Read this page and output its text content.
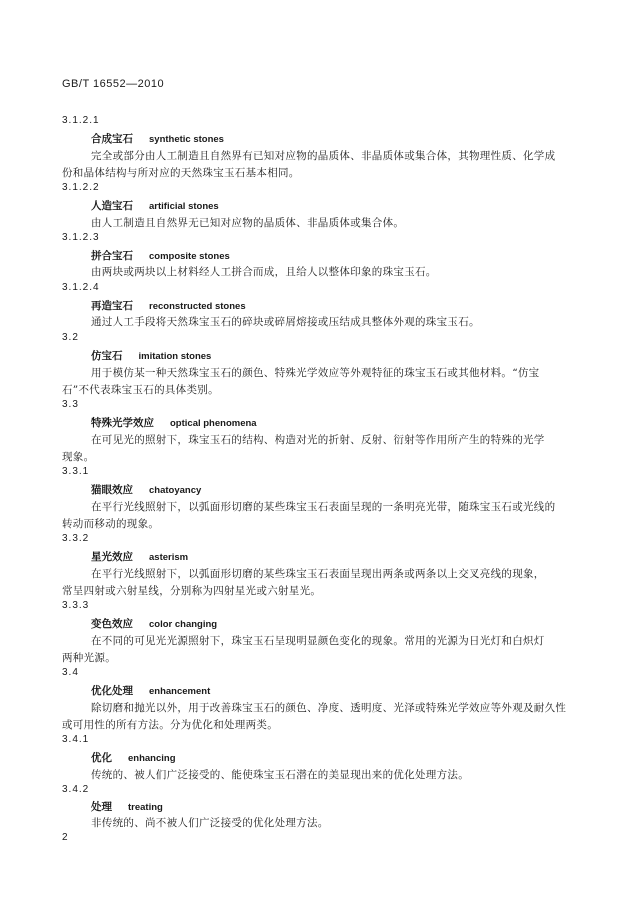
GB/T 16552—2010
3.1.2.1
合成宝石 synthetic stones
完全或部分由人工制造且自然界有已知对应物的晶质体、非晶质体或集合体，其物理性质、化学成
份和晶体结构与所对应的天然珠宝玉石基本相同。
3.1.2.2
人造宝石 artificial stones
由人工制造且自然界无已知对应物的晶质体、非晶质体或集合体。
3.1.2.3
拼合宝石 composite stones
由两块或两块以上材料经人工拼合而成，且给人以整体印象的珠宝玉石。
3.1.2.4
再造宝石 reconstructed stones
通过人工手段将天然珠宝玉石的碎块或碎屑熔接或压结成具整体外观的珠宝玉石。
3.2
仿宝石 imitation stones
用于模仿某一种天然珠宝玉石的颜色、特殊光学效应等外观特征的珠宝玉石或其他材料。“仿宝
石”不代表珠宝玉石的具体类别。
3.3
特殊光学效应 optical phenomena
在可见光的照射下，珠宝玉石的结构、构造对光的折射、反射、衍射等作用所产生的特殊的光学
现象。
3.3.1
猫眼效应 chatoyancy
在平行光线照射下，以弧面形切磨的某些珠宝玉石表面呈现的一条明亮光带，随珠宝玉石或光线的
转动而移动的现象。
3.3.2
星光效应 asterism
在平行光线照射下，以弧面形切磨的某些珠宝玉石表面呈现出两条或两条以上交叉亮线的现象，
常呈四射或六射星线，分别称为四射星光或六射星光。
3.3.3
变色效应 color changing
在不同的可见光光源照射下，珠宝玉石呈现明显颜色变化的现象。常用的光源为日光灯和白炽灯
两种光源。
3.4
优化处理 enhancement
除切磨和抛光以外，用于改善珠宝玉石的颜色、净度、透明度、光泽或特殊光学效应等外观及耐久性
或可用性的所有方法。分为优化和处理两类。
3.4.1
优化 enhancing
传统的、被人们广泛接受的、能使珠宝玉石潜在的美显现出来的优化处理方法。
3.4.2
处理 treating
非传统的、尚不被人们广泛接受的优化处理方法。
2
